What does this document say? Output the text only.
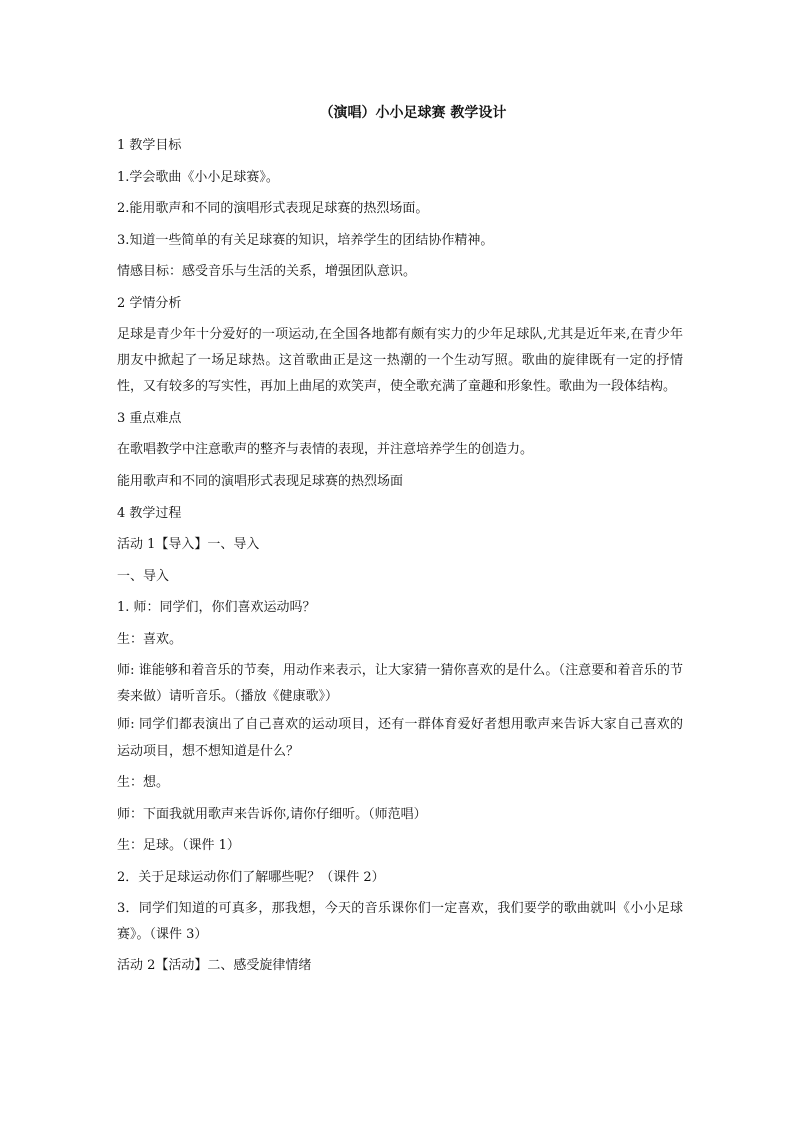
（演唱）小小足球赛 教学设计

1 教学目标

1.学会歌曲《小小足球赛》。

2.能用歌声和不同的演唱形式表现足球赛的热烈场面。

3.知道一些简单的有关足球赛的知识，培养学生的团结协作精神。

情感目标：感受音乐与生活的关系，增强团队意识。

2 学情分析

足球是青少年十分爱好的一项运动,在全国各地都有颇有实力的少年足球队,尤其是近年来,在青少年朋友中掀起了一场足球热。这首歌曲正是这一热潮的一个生动写照。歌曲的旋律既有一定的抒情性，又有较多的写实性，再加上曲尾的欢笑声，使全歌充满了童趣和形象性。歌曲为一段体结构。

3 重点难点

在歌唱教学中注意歌声的整齐与表情的表现，并注意培养学生的创造力。

能用歌声和不同的演唱形式表现足球赛的热烈场面

4 教学过程

活动 1【导入】一、导入

一、导入

1. 师：同学们，你们喜欢运动吗？

生：喜欢。

师: 谁能够和着音乐的节奏，用动作来表示，让大家猜一猜你喜欢的是什么。（注意要和着音乐的节奏来做）请听音乐。（播放《健康歌》）

师: 同学们都表演出了自己喜欢的运动项目，还有一群体育爱好者想用歌声来告诉大家自己喜欢的运动项目，想不想知道是什么？

生：想。

师：下面我就用歌声来告诉你,请你仔细听。（师范唱）

生：足球。（课件 1）

2．关于足球运动你们了解哪些呢？（课件 2）

3．同学们知道的可真多，那我想，今天的音乐课你们一定喜欢，我们要学的歌曲就叫《小小足球赛》。（课件 3）

活动 2【活动】二、感受旋律情绪
